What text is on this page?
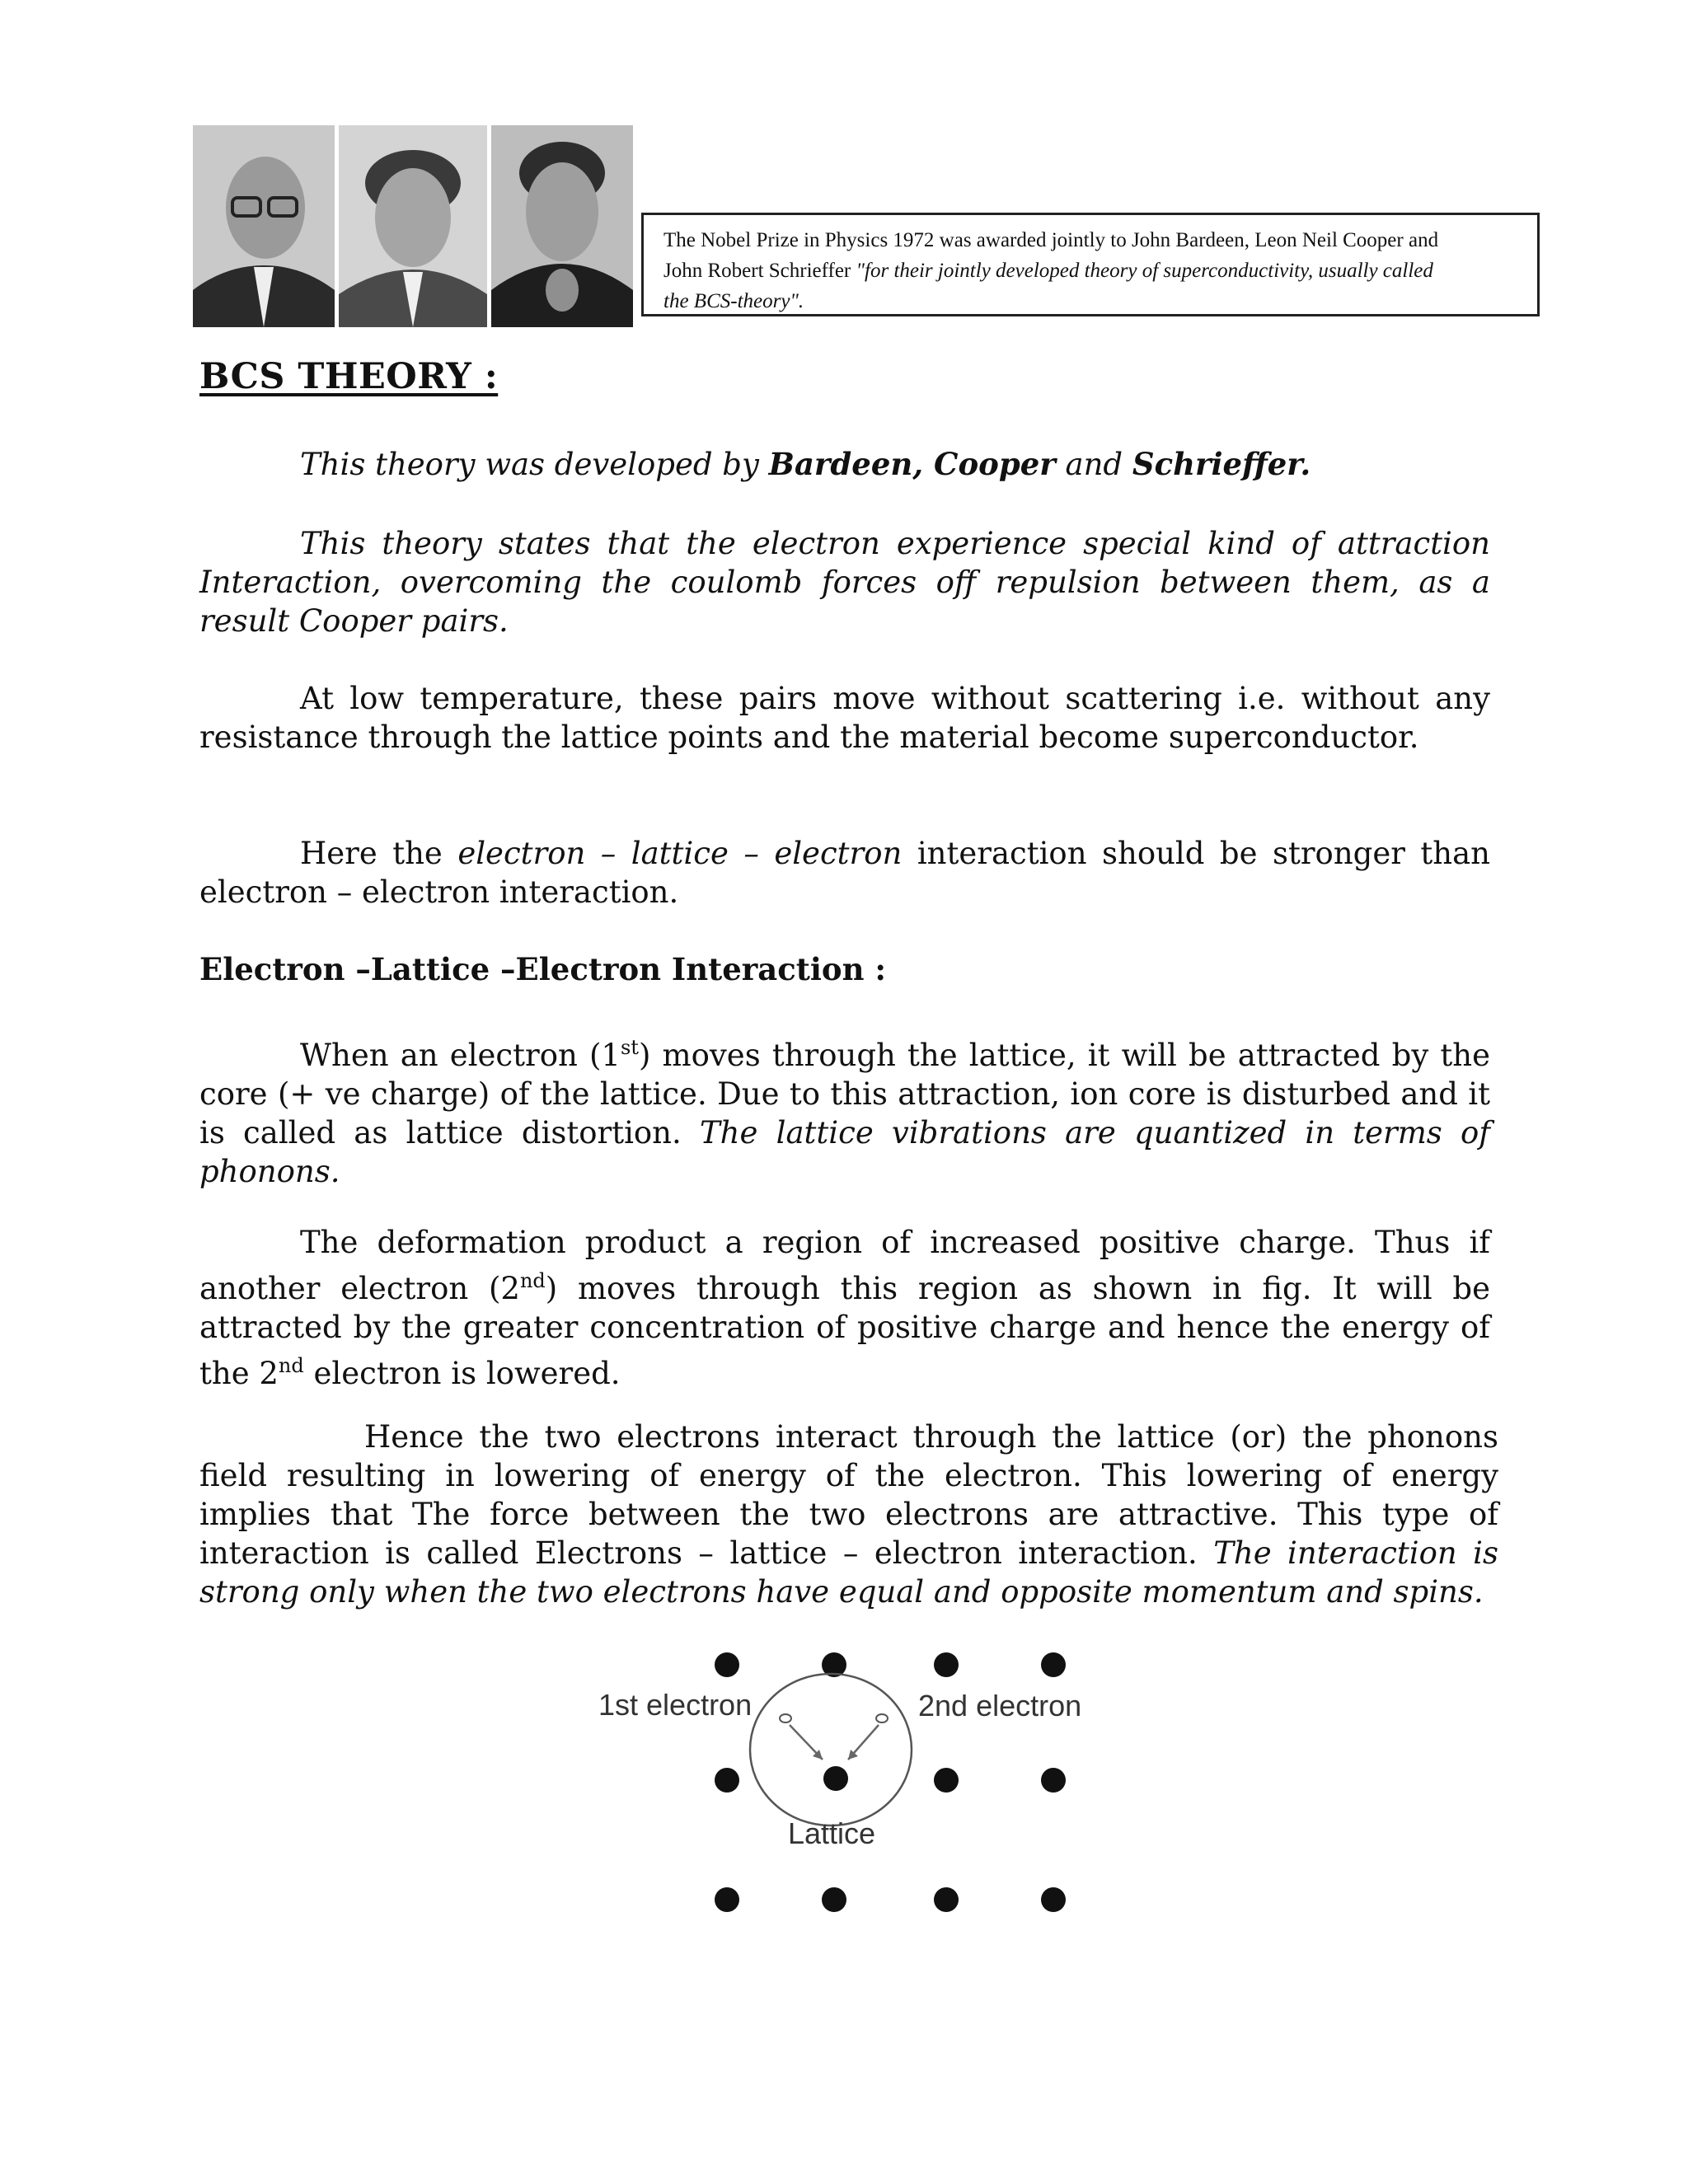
The Nobel Prize in Physics 1972 was awarded jointly to John Bardeen, Leon Neil Cooper and
John Robert Schrieffer "for their jointly developed theory of superconductivity, usually called
the BCS-theory".
BCS THEORY :

This theory was developed by Bardeen, Cooper and Schrieffer.

This theory states that the electron experience special kind of attraction Interaction, overcoming the coulomb forces off repulsion between them, as a result Cooper pairs.

At low temperature, these pairs move without scattering i.e. without any resistance through the lattice points and the material become superconductor.

Here the electron – lattice – electron interaction should be stronger than electron – electron interaction.

Electron –Lattice –Electron Interaction :

When an electron (1st) moves through the lattice, it will be attracted by the core (+ ve charge) of the lattice. Due to this attraction, ion core is disturbed and it is called as lattice distortion. The lattice vibrations are quantized in terms of phonons.

The deformation product a region of increased positive charge. Thus if another electron (2nd) moves through this region as shown in fig. It will be attracted by the greater concentration of positive charge and hence the energy of the 2nd electron is lowered.

Hence the two electrons interact through the lattice (or) the phonons field resulting in lowering of energy of the electron. This lowering of energy implies that The force between the two electrons are attractive. This type of interaction is called Electrons – lattice – electron interaction. The interaction is strong only when the two electrons have equal and opposite momentum and spins.

1st electron	2nd electron
Lattice
